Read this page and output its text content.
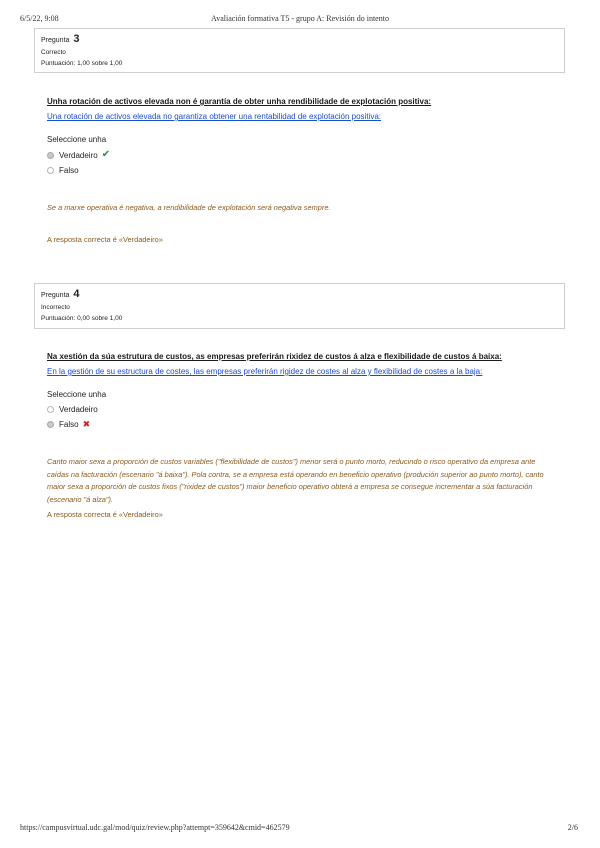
6/5/22, 9:08	Avaliación formativa T5 - grupo A: Revisión do intento
Pregunta 3
Correcto
Puntuación: 1,00 sobre 1,00
Unha rotación de activos elevada non é garantía de obter unha rendibilidade de explotación positiva:
Una rotación de activos elevada no garantiza obtener una rentabilidad de explotación positiva:
Seleccione unha
Verdadeiro ✔
Falso
Se a marxe operativa é negativa, a rendibilidade de explotación será negativa sempre.
A resposta correcta é «Verdadeiro»
Pregunta 4
Incorrecto
Puntuación: 0,00 sobre 1,00
Na xestión da súa estrutura de custos, as empresas preferirán rixidez de custos á alza e flexibilidade de custos á baixa:
En la gestión de su estructura de costes, las empresas preferirán rigidez de costes al alza y flexibilidad de costes a la baja:
Seleccione unha
Verdadeiro
Falso ✖
Canto maior sexa a proporción de custos variables ("flexibilidade de custos") menor será o punto morto, reducindo o risco operativo da empresa ante caídas na facturación (escenario "á baixa"). Pola contra, se a empresa está operando en beneficio operativo (produción superior ao punto morto), canto maior sexa a proporción de custos fixos ("rixidez de custos") maior beneficio operativo obterá a empresa se consegue incrementar a súa facturación (escenario "á alza").
A resposta correcta é «Verdadeiro»
https://campusvirtual.udc.gal/mod/quiz/review.php?attempt=359642&cmid=462579	2/6
